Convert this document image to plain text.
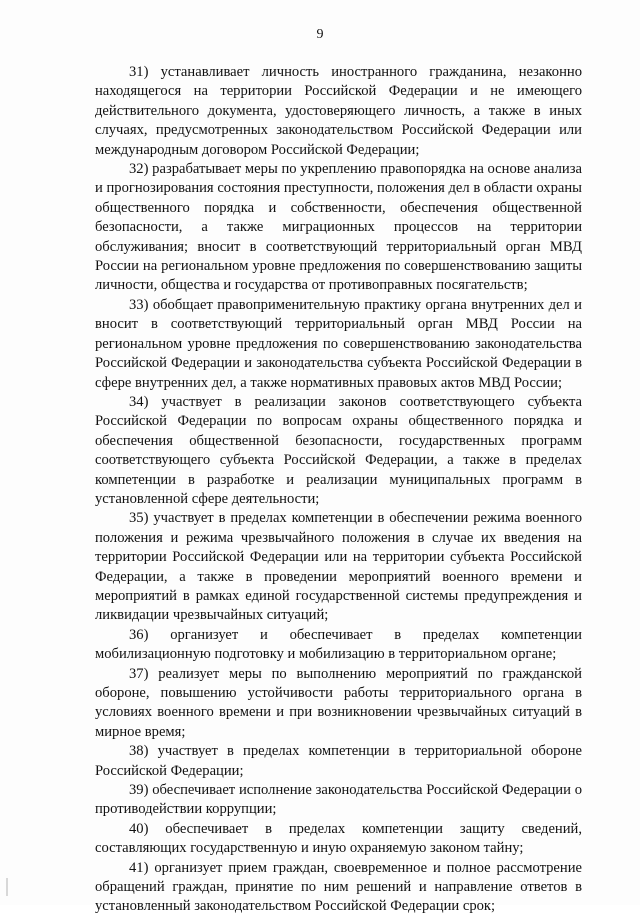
9

31) устанавливает личность иностранного гражданина, незаконно находящегося на территории Российской Федерации и не имеющего действительного документа, удостоверяющего личность, а также в иных случаях, предусмотренных законодательством Российской Федерации или международным договором Российской Федерации;

32) разрабатывает меры по укреплению правопорядка на основе анализа и прогнозирования состояния преступности, положения дел в области охраны общественного порядка и собственности, обеспечения общественной безопасности, а также миграционных процессов на территории обслуживания; вносит в соответствующий территориальный орган МВД России на региональном уровне предложения по совершенствованию защиты личности, общества и государства от противоправных посягательств;

33) обобщает правоприменительную практику органа внутренних дел и вносит в соответствующий территориальный орган МВД России на региональном уровне предложения по совершенствованию законодательства Российской Федерации и законодательства субъекта Российской Федерации в сфере внутренних дел, а также нормативных правовых актов МВД России;

34) участвует в реализации законов соответствующего субъекта Российской Федерации по вопросам охраны общественного порядка и обеспечения общественной безопасности, государственных программ соответствующего субъекта Российской Федерации, а также в пределах компетенции в разработке и реализации муниципальных программ в установленной сфере деятельности;

35) участвует в пределах компетенции в обеспечении режима военного положения и режима чрезвычайного положения в случае их введения на территории Российской Федерации или на территории субъекта Российской Федерации, а также в проведении мероприятий военного времени и мероприятий в рамках единой государственной системы предупреждения и ликвидации чрезвычайных ситуаций;

36) организует и обеспечивает в пределах компетенции мобилизационную подготовку и мобилизацию в территориальном органе;

37) реализует меры по выполнению мероприятий по гражданской обороне, повышению устойчивости работы территориального органа в условиях военного времени и при возникновении чрезвычайных ситуаций в мирное время;

38) участвует в пределах компетенции в территориальной обороне Российской Федерации;

39) обеспечивает исполнение законодательства Российской Федерации о противодействии коррупции;

40) обеспечивает в пределах компетенции защиту сведений, составляющих государственную и иную охраняемую законом тайну;

41) организует прием граждан, своевременное и полное рассмотрение обращений граждан, принятие по ним решений и направление ответов в установленный законодательством Российской Федерации срок;
